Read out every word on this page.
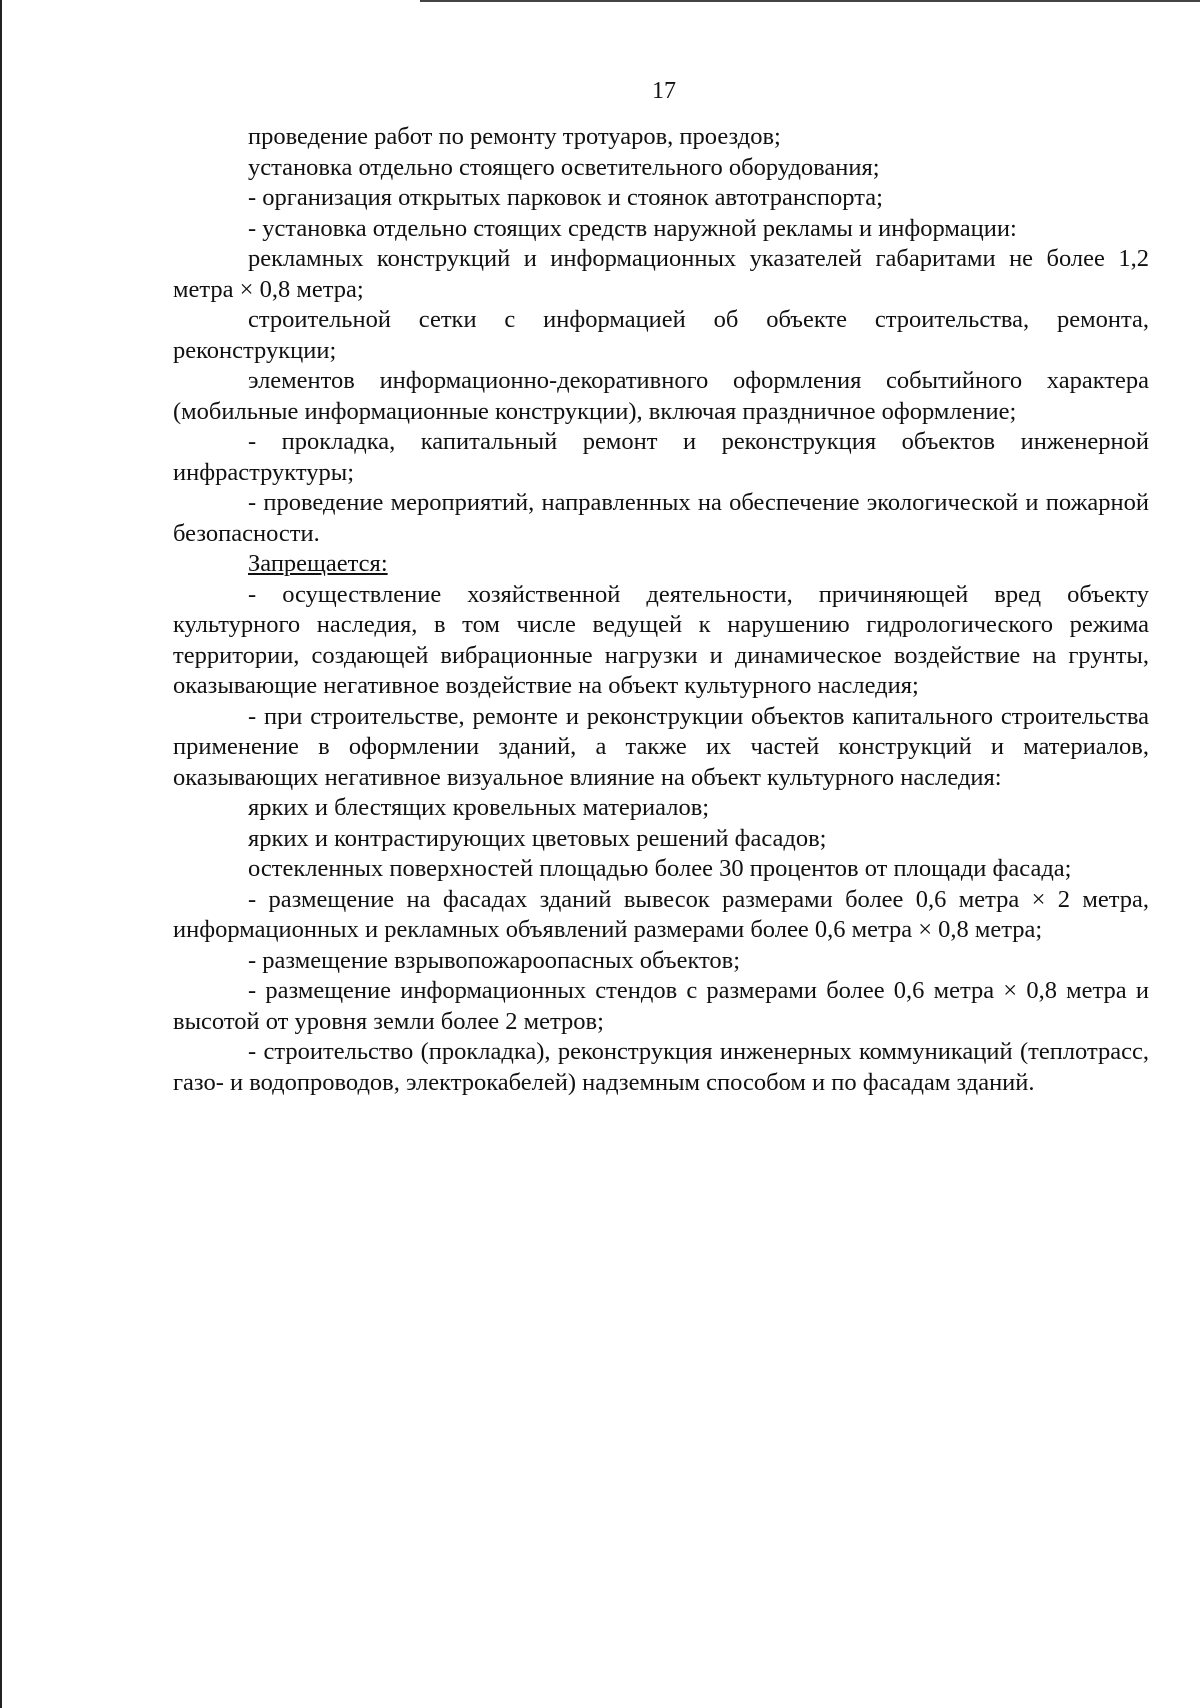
17

проведение работ по ремонту тротуаров, проездов;

установка отдельно стоящего осветительного оборудования;

- организация открытых парковок и стоянок автотранспорта;

- установка отдельно стоящих средств наружной рекламы и информации:

рекламных конструкций и информационных указателей габаритами не более 1,2 метра × 0,8 метра;

строительной сетки с информацией об объекте строительства, ремонта, реконструкции;

элементов информационно-декоративного оформления событийного характера (мобильные информационные конструкции), включая праздничное оформление;

- прокладка, капитальный ремонт и реконструкция объектов инженерной инфраструктуры;

- проведение мероприятий, направленных на обеспечение экологической и пожарной безопасности.

Запрещается:

- осуществление хозяйственной деятельности, причиняющей вред объекту культурного наследия, в том числе ведущей к нарушению гидрологического режима территории, создающей вибрационные нагрузки и динамическое воздействие на грунты, оказывающие негативное воздействие на объект культурного наследия;

- при строительстве, ремонте и реконструкции объектов капитального строительства применение в оформлении зданий, а также их частей конструкций и материалов, оказывающих негативное визуальное влияние на объект культурного наследия:

ярких и блестящих кровельных материалов;

ярких и контрастирующих цветовых решений фасадов;

остекленных поверхностей площадью более 30 процентов от площади фасада;

- размещение на фасадах зданий вывесок размерами более 0,6 метра × 2 метра, информационных и рекламных объявлений размерами более 0,6 метра × 0,8 метра;

- размещение взрывопожароопасных объектов;

- размещение информационных стендов с размерами более 0,6 метра × 0,8 метра и высотой от уровня земли более 2 метров;

- строительство (прокладка), реконструкция инженерных коммуникаций (теплотрасс, газо- и водопроводов, электрокабелей) надземным способом и по фасадам зданий.
